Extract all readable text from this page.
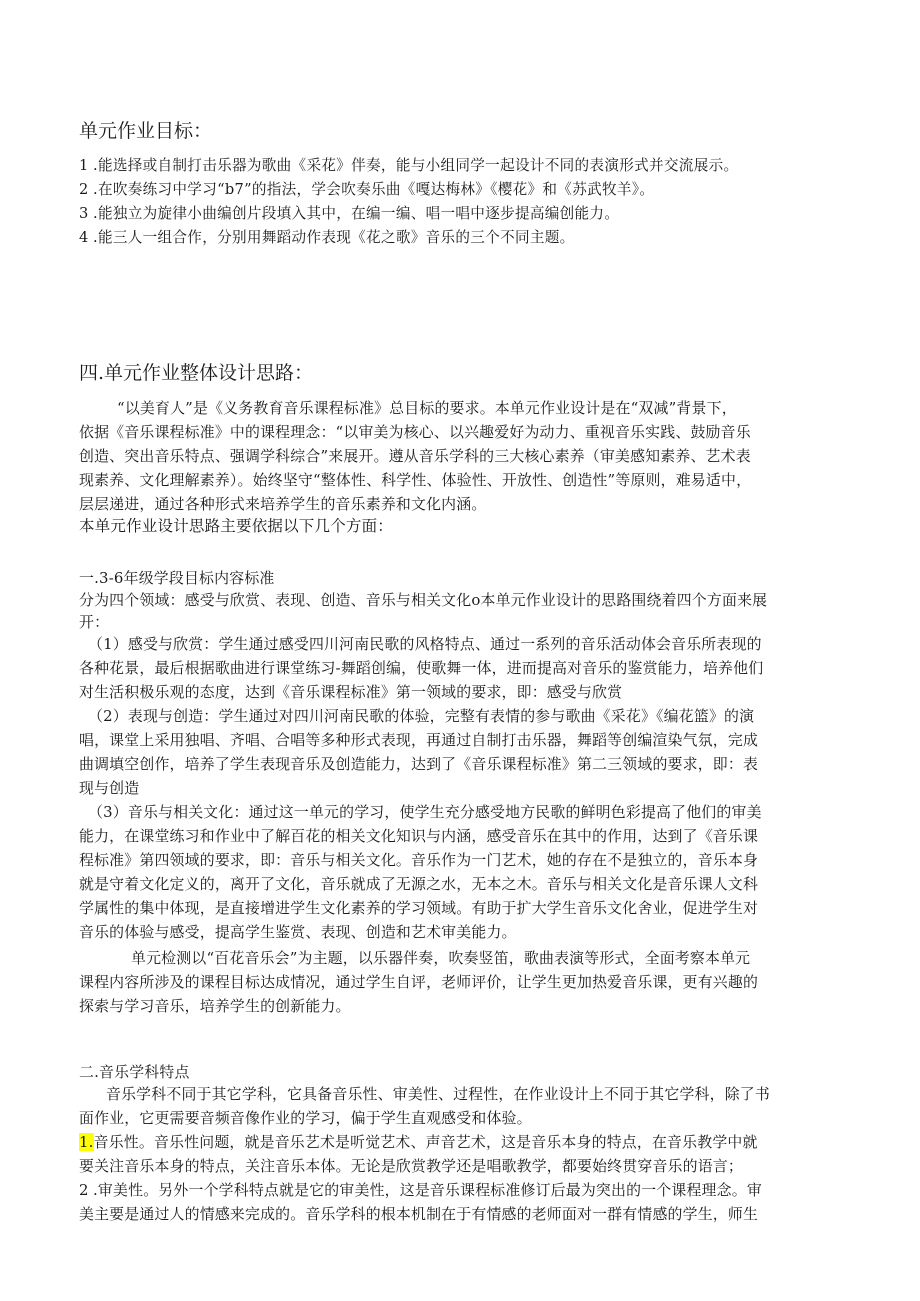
单元作业目标：
1 .能选择或自制打击乐器为歌曲《采花》伴奏，能与小组同学一起设计不同的表演形式并交流展示。
2 .在吹奏练习中学习“b7”的指法，学会吹奏乐曲《嘎达梅林》《樱花》和《苏武牧羊》。
3 .能独立为旋律小曲编创片段填入其中，在编一编、唱一唱中逐步提高编创能力。
4 .能三人一组合作，分别用舞蹈动作表现《花之歌》音乐的三个不同主题。
四.单元作业整体设计思路：
“以美育人”是《义务教育音乐课程标准》总目标的要求。本单元作业设计是在“双减”背景下，
依据《音乐课程标准》中的课程理念：“以审美为核心、以兴趣爱好为动力、重视音乐实践、鼓励音乐
创造、突出音乐特点、强调学科综合”来展开。遵从音乐学科的三大核心素养（审美感知素养、艺术表
现素养、文化理解素养）。始终坚守“整体性、科学性、体验性、开放性、创造性”等原则，难易适中，
层层递进，通过各种形式来培养学生的音乐素养和文化内涵。
本单元作业设计思路主要依据以下几个方面：
一.3-6年级学段目标内容标准
分为四个领域：感受与欣赏、表现、创造、音乐与相关文化o本单元作业设计的思路围绕着四个方面来展
开：
（1）感受与欣赏：学生通过感受四川河南民歌的风格特点、通过一系列的音乐活动体会音乐所表现的
各种花景，最后根据歌曲进行课堂练习-舞蹈创编，使歌舞一体，进而提高对音乐的鉴赏能力，培养他们
对生活积极乐观的态度，达到《音乐课程标准》第一领域的要求，即：感受与欣赏
（2）表现与创造：学生通过对四川河南民歌的体验，完整有表情的参与歌曲《采花》《编花篮》的演
唱，课堂上采用独唱、齐唱、合唱等多种形式表现，再通过自制打击乐器，舞蹈等创编渲染气氛，完成
曲调填空创作，培养了学生表现音乐及创造能力，达到了《音乐课程标准》第二三领域的要求，即：表
现与创造
（3）音乐与相关文化：通过这一单元的学习，使学生充分感受地方民歌的鲜明色彩提高了他们的审美
能力，在课堂练习和作业中了解百花的相关文化知识与内涵，感受音乐在其中的作用，达到了《音乐课
程标准》第四领域的要求，即：音乐与相关文化。音乐作为一门艺术，她的存在不是独立的，音乐本身
就是守着文化定义的，离开了文化，音乐就成了无源之水，无本之木。音乐与相关文化是音乐课人文科
学属性的集中体现，是直接增进学生文化素养的学习领域。有助于扩大学生音乐文化舍业，促进学生对
音乐的体验与感受，提高学生鉴赏、表现、创造和艺术审美能力。
单元检测以“百花音乐会”为主题，以乐器伴奏，吹奏竖笛，歌曲表演等形式，全面考察本单元
课程内容所涉及的课程目标达成情况，通过学生自评，老师评价，让学生更加热爱音乐课，更有兴趣的
探索与学习音乐，培养学生的创新能力。
二.音乐学科特点
音乐学科不同于其它学科，它具备音乐性、审美性、过程性，在作业设计上不同于其它学科，除了书
面作业，它更需要音频音像作业的学习，偏于学生直观感受和体验。
1.音乐性。音乐性问题，就是音乐艺术是听觉艺术、声音艺术，这是音乐本身的特点，在音乐教学中就
要关注音乐本身的特点，关注音乐本体。无论是欣赏教学还是唱歌教学，都要始终贯穿音乐的语言；
2 .审美性。另外一个学科特点就是它的审美性，这是音乐课程标准修订后最为突出的一个课程理念。审
美主要是通过人的情感来完成的。音乐学科的根本机制在于有情感的老师面对一群有情感的学生，师生
